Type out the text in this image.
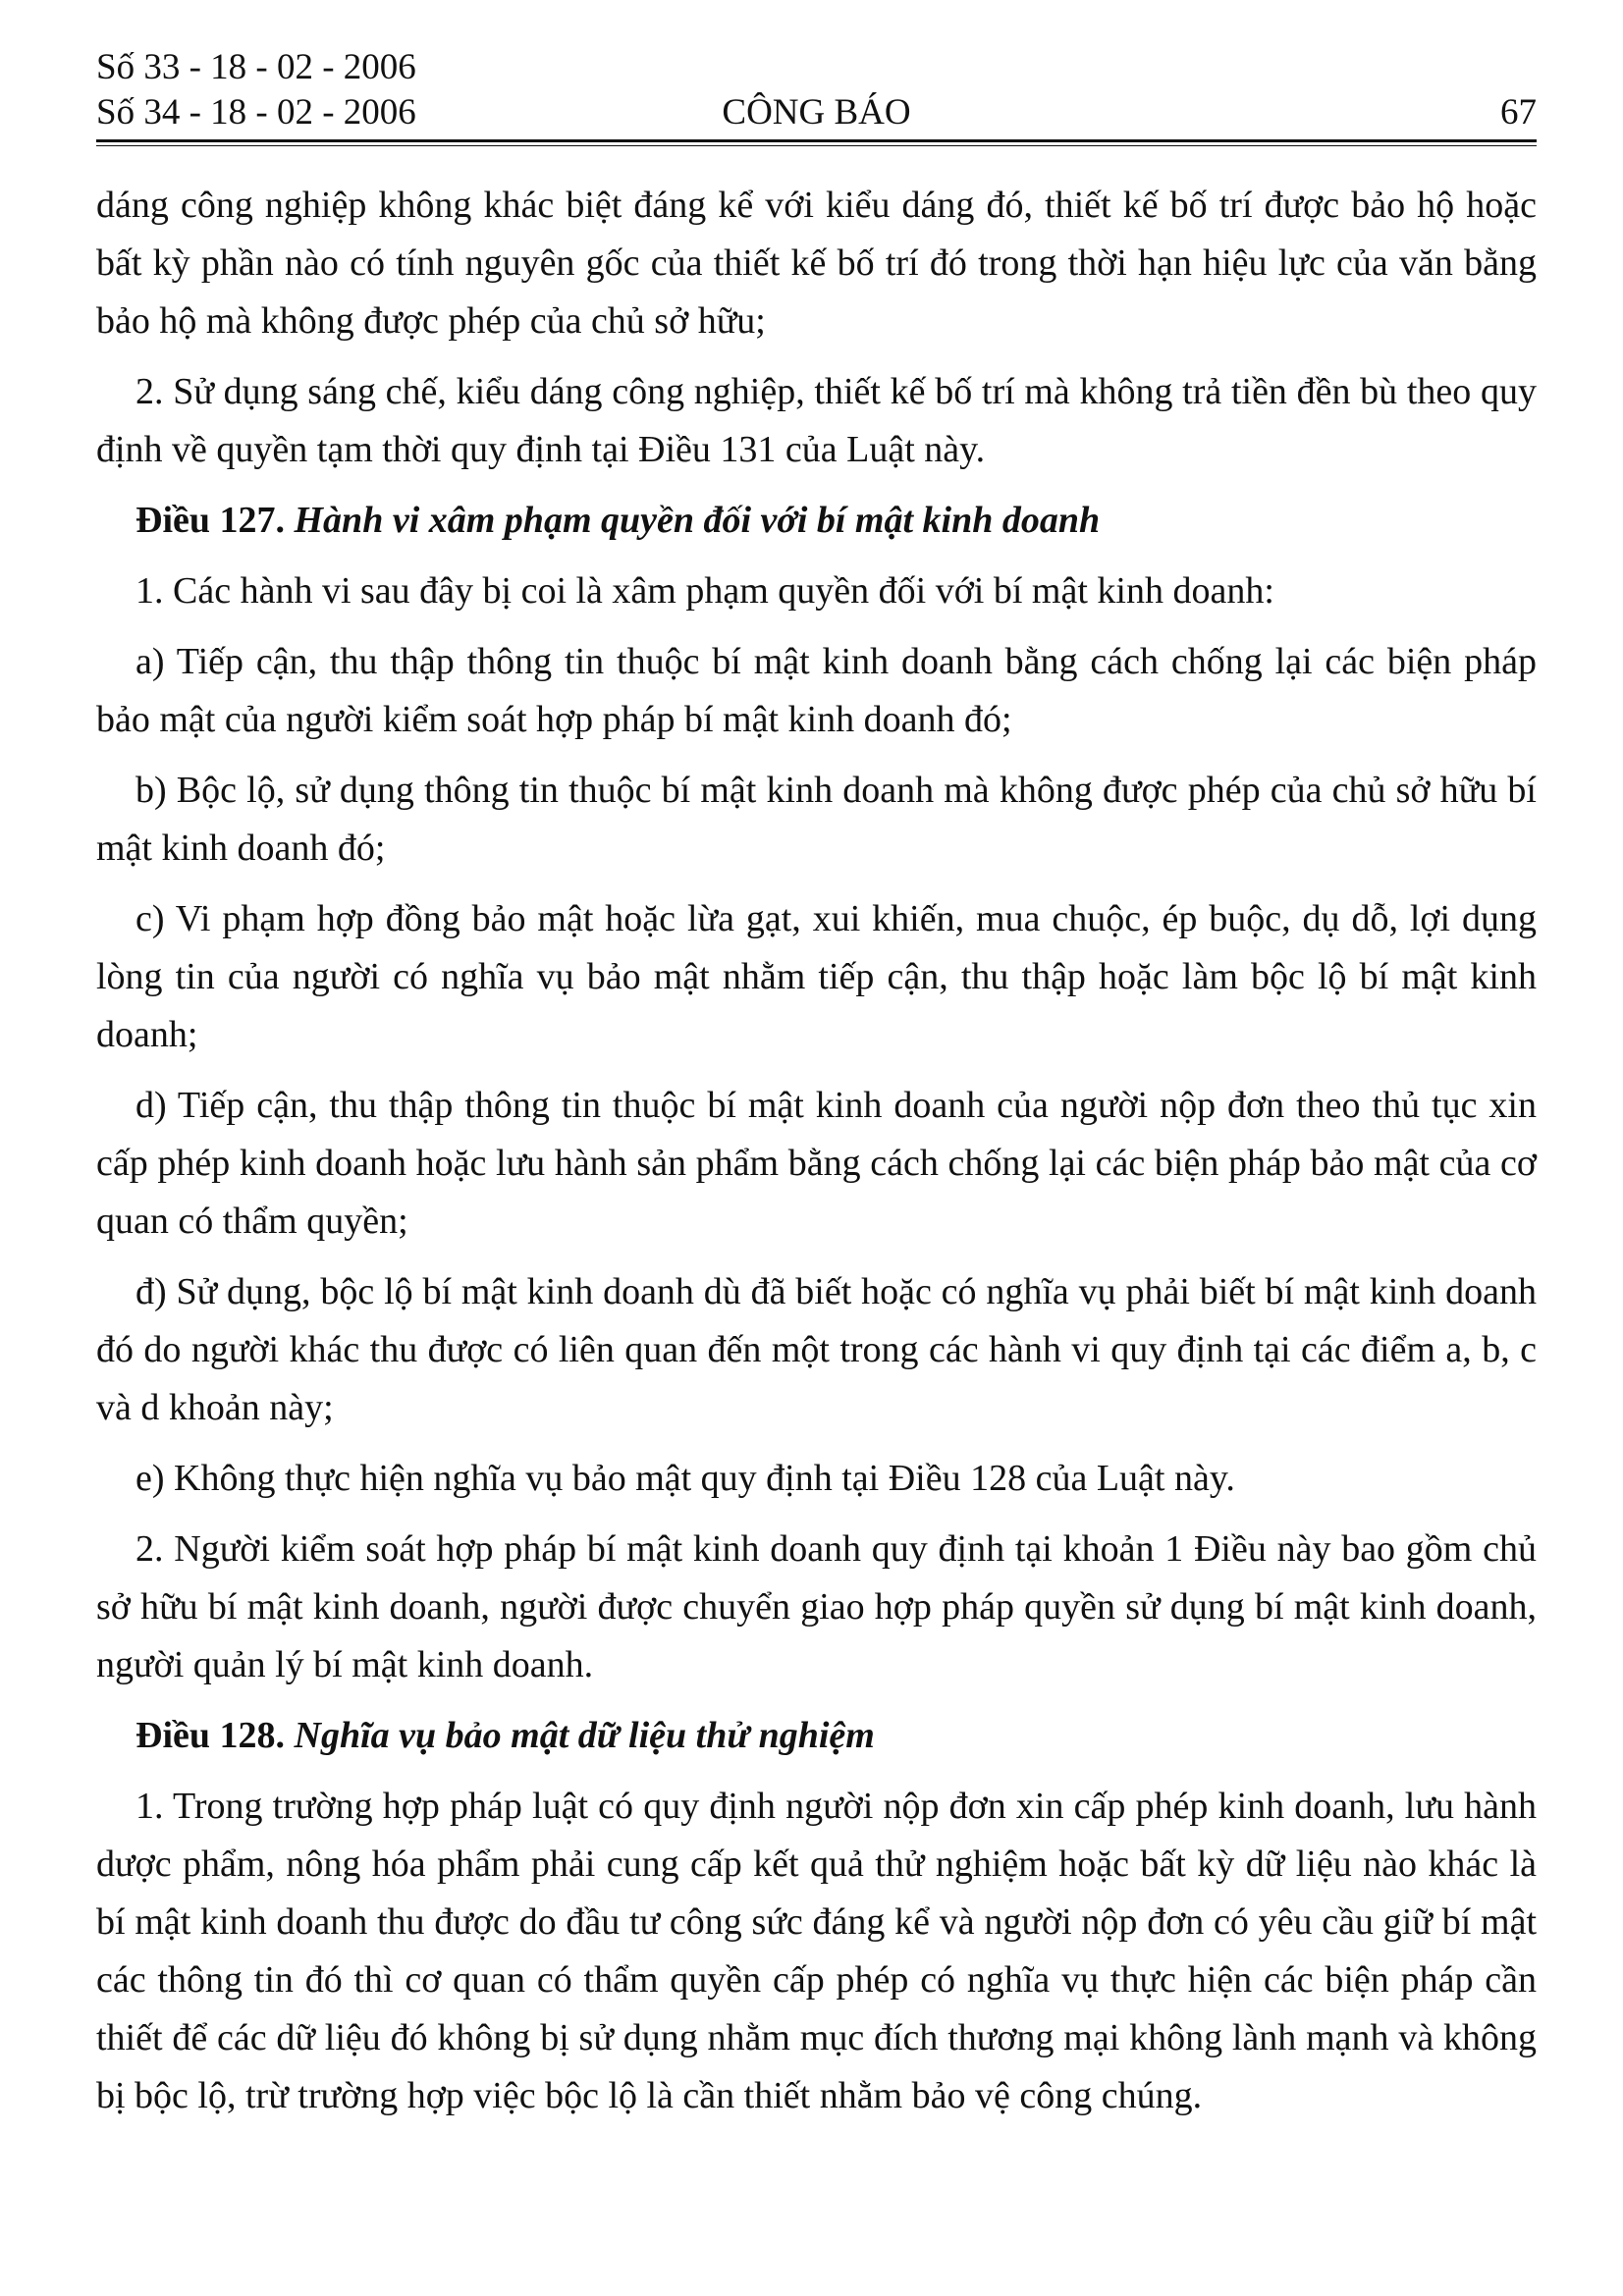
Số 33 - 18 - 02 - 2006
Số 34 - 18 - 02 - 2006	CÔNG BÁO	67

dáng công nghiệp không khác biệt đáng kể với kiểu dáng đó, thiết kế bố trí được bảo hộ hoặc bất kỳ phần nào có tính nguyên gốc của thiết kế bố trí đó trong thời hạn hiệu lực của văn bằng bảo hộ mà không được phép của chủ sở hữu;

2. Sử dụng sáng chế, kiểu dáng công nghiệp, thiết kế bố trí mà không trả tiền đền bù theo quy định về quyền tạm thời quy định tại Điều 131 của Luật này.

Điều 127. Hành vi xâm phạm quyền đối với bí mật kinh doanh

1. Các hành vi sau đây bị coi là xâm phạm quyền đối với bí mật kinh doanh:

a) Tiếp cận, thu thập thông tin thuộc bí mật kinh doanh bằng cách chống lại các biện pháp bảo mật của người kiểm soát hợp pháp bí mật kinh doanh đó;

b) Bộc lộ, sử dụng thông tin thuộc bí mật kinh doanh mà không được phép của chủ sở hữu bí mật kinh doanh đó;

c) Vi phạm hợp đồng bảo mật hoặc lừa gạt, xui khiến, mua chuộc, ép buộc, dụ dỗ, lợi dụng lòng tin của người có nghĩa vụ bảo mật nhằm tiếp cận, thu thập hoặc làm bộc lộ bí mật kinh doanh;

d) Tiếp cận, thu thập thông tin thuộc bí mật kinh doanh của người nộp đơn theo thủ tục xin cấp phép kinh doanh hoặc lưu hành sản phẩm bằng cách chống lại các biện pháp bảo mật của cơ quan có thẩm quyền;

đ) Sử dụng, bộc lộ bí mật kinh doanh dù đã biết hoặc có nghĩa vụ phải biết bí mật kinh doanh đó do người khác thu được có liên quan đến một trong các hành vi quy định tại các điểm a, b, c và d khoản này;

e) Không thực hiện nghĩa vụ bảo mật quy định tại Điều 128 của Luật này.

2. Người kiểm soát hợp pháp bí mật kinh doanh quy định tại khoản 1 Điều này bao gồm chủ sở hữu bí mật kinh doanh, người được chuyển giao hợp pháp quyền sử dụng bí mật kinh doanh, người quản lý bí mật kinh doanh.

Điều 128. Nghĩa vụ bảo mật dữ liệu thử nghiệm

1. Trong trường hợp pháp luật có quy định người nộp đơn xin cấp phép kinh doanh, lưu hành dược phẩm, nông hóa phẩm phải cung cấp kết quả thử nghiệm hoặc bất kỳ dữ liệu nào khác là bí mật kinh doanh thu được do đầu tư công sức đáng kể và người nộp đơn có yêu cầu giữ bí mật các thông tin đó thì cơ quan có thẩm quyền cấp phép có nghĩa vụ thực hiện các biện pháp cần thiết để các dữ liệu đó không bị sử dụng nhằm mục đích thương mại không lành mạnh và không bị bộc lộ, trừ trường hợp việc bộc lộ là cần thiết nhằm bảo vệ công chúng.
